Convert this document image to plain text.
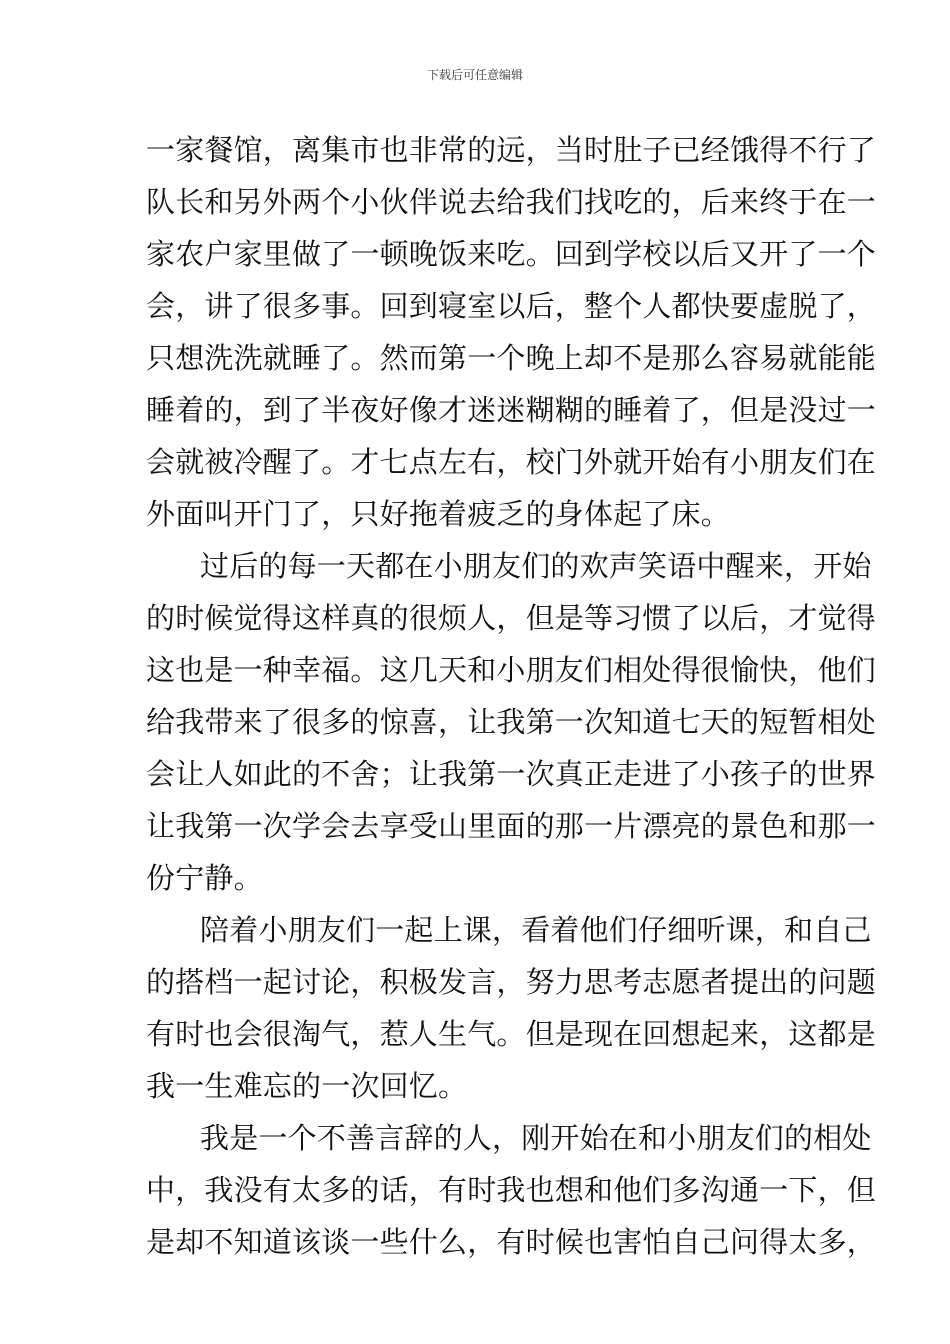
下载后可任意编辑
一家餐馆，离集市也非常的远，当时肚子已经饿得不行了
队长和另外两个小伙伴说去给我们找吃的，后来终于在一
家农户家里做了一顿晚饭来吃。回到学校以后又开了一个
会，讲了很多事。回到寝室以后，整个人都快要虚脱了，
只想洗洗就睡了。然而第一个晚上却不是那么容易就能能
睡着的，到了半夜好像才迷迷糊糊的睡着了，但是没过一
会就被冷醒了。才七点左右，校门外就开始有小朋友们在
外面叫开门了，只好拖着疲乏的身体起了床。
过后的每一天都在小朋友们的欢声笑语中醒来，开始
的时候觉得这样真的很烦人，但是等习惯了以后，才觉得
这也是一种幸福。这几天和小朋友们相处得很愉快，他们
给我带来了很多的惊喜，让我第一次知道七天的短暂相处
会让人如此的不舍；让我第一次真正走进了小孩子的世界
让我第一次学会去享受山里面的那一片漂亮的景色和那一
份宁静。
陪着小朋友们一起上课，看着他们仔细听课，和自己
的搭档一起讨论，积极发言，努力思考志愿者提出的问题
有时也会很淘气，惹人生气。但是现在回想起来，这都是
我一生难忘的一次回忆。
我是一个不善言辞的人，刚开始在和小朋友们的相处
中，我没有太多的话，有时我也想和他们多沟通一下，但
是却不知道该谈一些什么，有时候也害怕自己问得太多，
